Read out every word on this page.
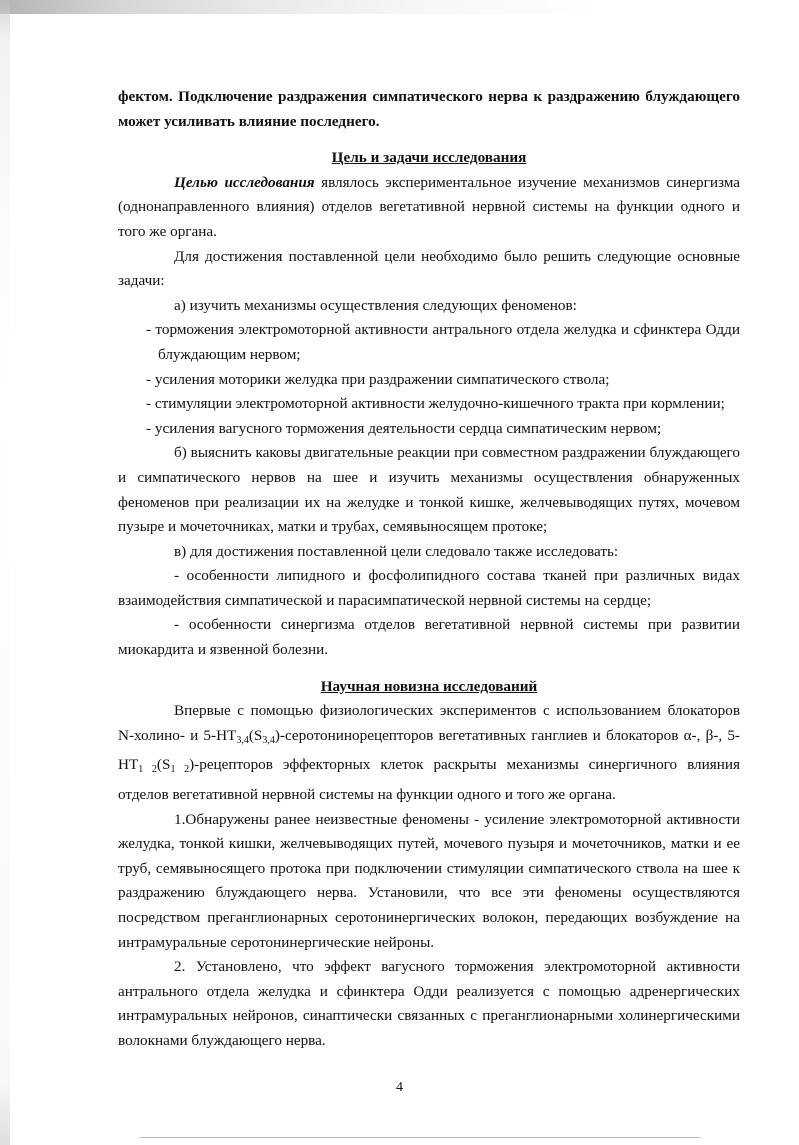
фектом. Подключение раздражения симпатического нерва к раздражению блуждающего может усиливать влияние последнего.

Цель и задачи исследования

Целью исследования являлось экспериментальное изучение механизмов синергизма (однонаправленного влияния) отделов вегетативной нервной системы на функции одного и того же органа.

Для достижения поставленной цели необходимо было решить следующие основные задачи:

а) изучить механизмы осуществления следующих феноменов:

- торможения электромоторной активности антрального отдела желудка и сфинктера Одди блуждающим нервом;

- усиления моторики желудка при раздражении симпатического ствола;

- стимуляции электромоторной активности желудочно-кишечного тракта при кормлении;

- усиления вагусного торможения деятельности сердца симпатическим нервом;

б) выяснить каковы двигательные реакции при совместном раздражении блуждающего и симпатического нервов на шее и изучить механизмы осуществления обнаруженных феноменов при реализации их на желудке и тонкой кишке, желчевыводящих путях, мочевом пузыре и мочеточниках, матки и трубах, семявыносящем протоке;

в) для достижения поставленной цели следовало также исследовать:

- особенности липидного и фосфолипидного состава тканей при различных видах взаимодействия симпатической и парасимпатической нервной системы на сердце;

- особенности синергизма отделов вегетативной нервной системы при развитии миокардита и язвенной болезни.

Научная новизна исследований

Впервые с помощью физиологических экспериментов с использованием блокаторов N-холино- и $5-HT_{3,4}(S_{3,4})$-серотонинорецепторов вегетативных ганглиев и блокаторов α-, β-, $5-HT_{1 2}(S_{1 2})$-рецепторов эффекторных клеток раскрыты механизмы синергичного влияния отделов вегетативной нервной системы на функции одного и того же органа.

1.Обнаружены ранее неизвестные феномены - усиление электромоторной активности желудка, тонкой кишки, желчевыводящих путей, мочевого пузыря и мочеточников, матки и ее труб, семявыносящего протока при подключении стимуляции симпатического ствола на шее к раздражению блуждающего нерва. Установили, что все эти феномены осуществляются посредством преганглионарных серотонинергических волокон, передающих возбуждение на интрамуральные серотонинергические нейроны.

2. Установлено, что эффект вагусного торможения электромоторной активности антрального отдела желудка и сфинктера Одди реализуется с помощью адренергических интрамуральных нейронов, синаптически связанных с преганглионарными холинергическими волокнами блуждающего нерва.

4
